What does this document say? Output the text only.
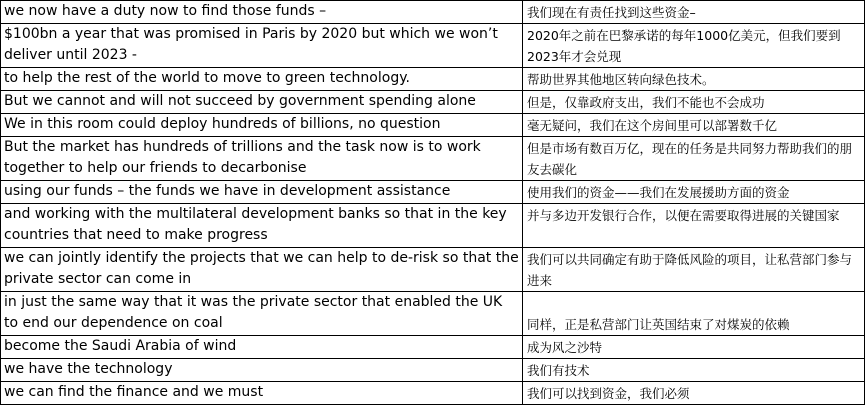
we now have a duty now to find those funds –	我们现在有责任找到这些资金–
$100bn a year that was promised in Paris by 2020 but which we won’t deliver until 2023 -	2020年之前在巴黎承诺的每年1000亿美元，但我们要到2023年才会兑现
to help the rest of the world to move to green technology.	帮助世界其他地区转向绿色技术。
But we cannot and will not succeed by government spending alone	但是，仅靠政府支出，我们不能也不会成功
We in this room could deploy hundreds of billions, no question	毫无疑问，我们在这个房间里可以部署数千亿
But the market has hundreds of trillions and the task now is to work together to help our friends to decarbonise	但是市场有数百万亿，现在的任务是共同努力帮助我们的朋友去碳化
using our funds – the funds we have in development assistance	使用我们的资金——我们在发展援助方面的资金
and working with the multilateral development banks so that in the key countries that need to make progress	并与多边开发银行合作，以便在需要取得进展的关键国家
we can jointly identify the projects that we can help to de-risk so that the private sector can come in	我们可以共同确定有助于降低风险的项目，让私营部门参与进来
in just the same way that it was the private sector that enabled the UK to end our dependence on coal	同样，正是私营部门让英国结束了对煤炭的依赖
become the Saudi Arabia of wind	成为风之沙特
we have the technology	我们有技术
we can find the finance and we must	我们可以找到资金，我们必须
